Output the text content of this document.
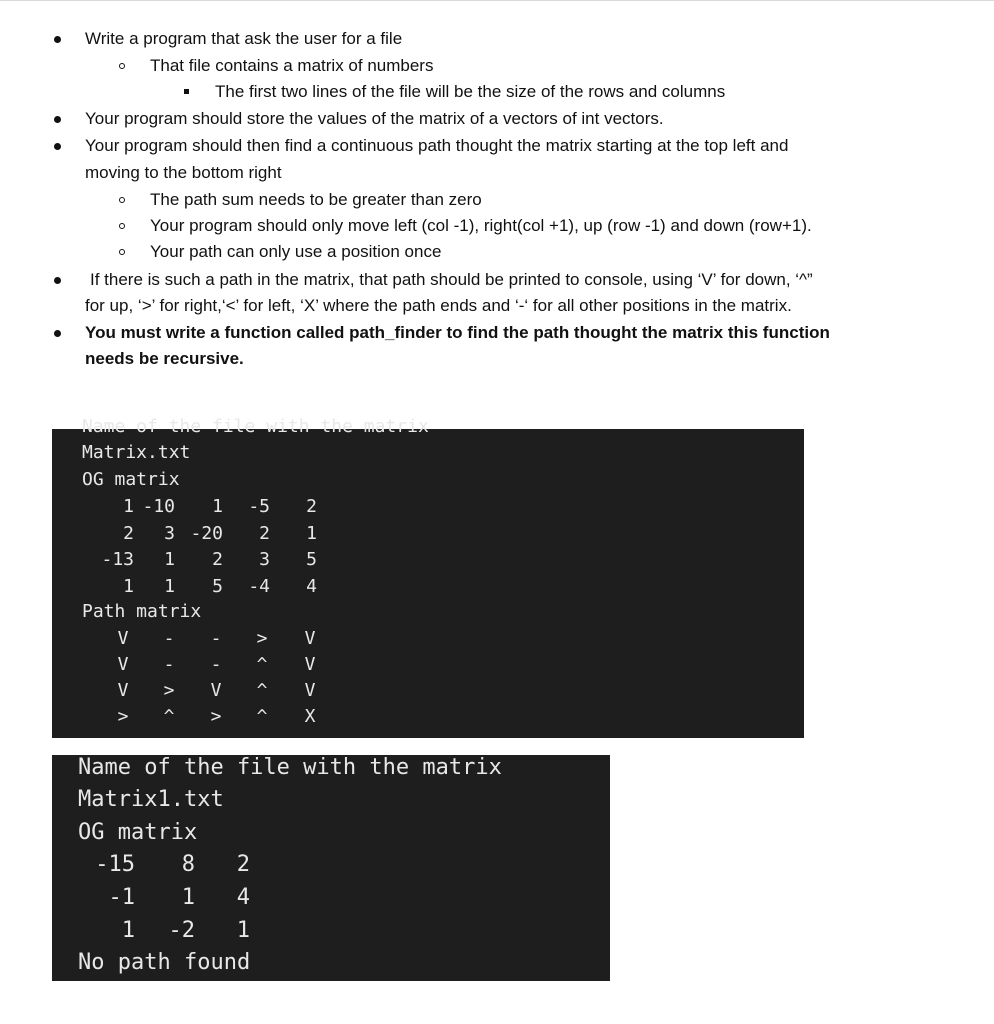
Write a program that ask the user for a file
That file contains a matrix of numbers
The first two lines of the file will be the size of the rows and columns
Your program should store the values of the matrix of a vectors of int vectors.
Your program should then find a continuous path thought the matrix starting at the top left and
moving to the bottom right
The path sum needs to be greater than zero
Your program should only move left (col -1), right(col +1), up (row -1) and down (row+1).
Your path can only use a position once
If there is such a path in the matrix, that path should be printed to console, using ‘V’ for down, ‘^”
for up, ‘>’ for right,‘<’ for left, ‘X’ where the path ends and ‘-‘ for all other positions in the matrix.
You must write a function called path_finder to find the path thought the matrix this function
needs be recursive.
Name of the file with the matrix
Matrix.txt
OG matrix
1 -10	1	-5	2
2	3 -20	2	1
-13	1	2	3	5
1	1	5	-4	4
Path matrix
V	-	-	>	V
V	-	-	^	V
V	>	V	^	V
>	^	>	^	X
Name of the file with the matrix
Matrix1.txt
OG matrix
-15	8	2
-1	1	4
1	-2	1
No path found
